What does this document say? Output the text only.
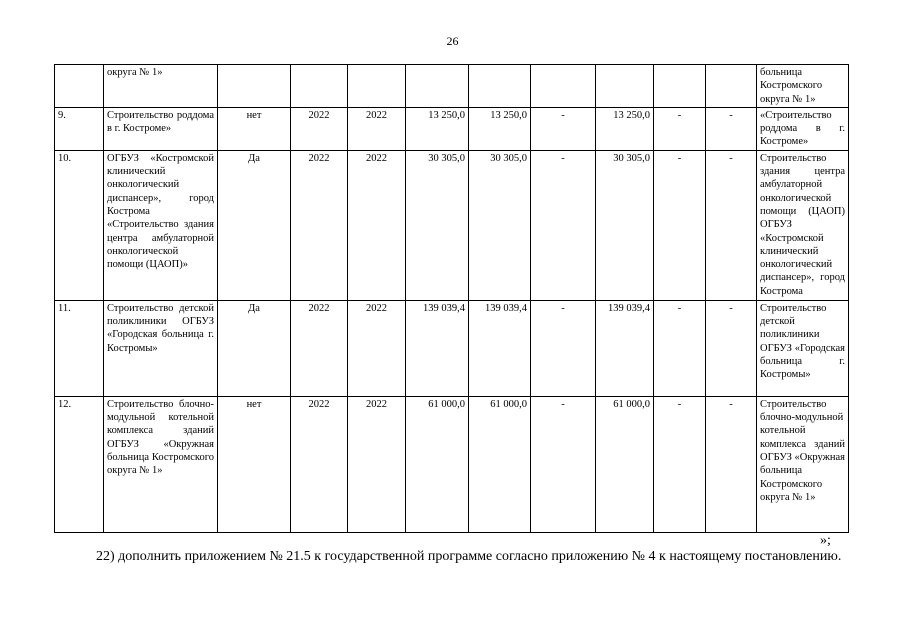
26
	округа № 1»										больница Костромского округа № 1»
9.	Строительство роддома в г. Костроме»	нет	2022	2022	13 250,0	13 250,0	-	13 250,0	-	-	«Строительство роддома в г. Костроме»
10.	ОГБУЗ «Костромской клинический онкологический диспансер», город Кострома «Строительство здания центра амбулаторной онкологической помощи (ЦАОП)»	Да	2022	2022	30 305,0	30 305,0	-	30 305,0	-	-	Строительство здания центра амбулаторной онкологической помощи (ЦАОП) ОГБУЗ «Костромской клинический онкологический диспансер», город Кострома
11.	Строительство детской поликлиники ОГБУЗ «Городская больница г. Костромы»	Да	2022	2022	139 039,4	139 039,4	-	139 039,4	-	-	Строительство детской поликлиники ОГБУЗ «Городская больница г. Костромы»
12.	Строительство блочно-модульной котельной комплекса зданий ОГБУЗ «Окружная больница Костромского округа № 1»	нет	2022	2022	61 000,0	61 000,0	-	61 000,0	-	-	Строительство блочно-модульной котельной комплекса зданий ОГБУЗ «Окружная больница Костромского округа № 1»
»;
22) дополнить приложением № 21.5 к государственной программе согласно приложению № 4 к настоящему постановлению.
